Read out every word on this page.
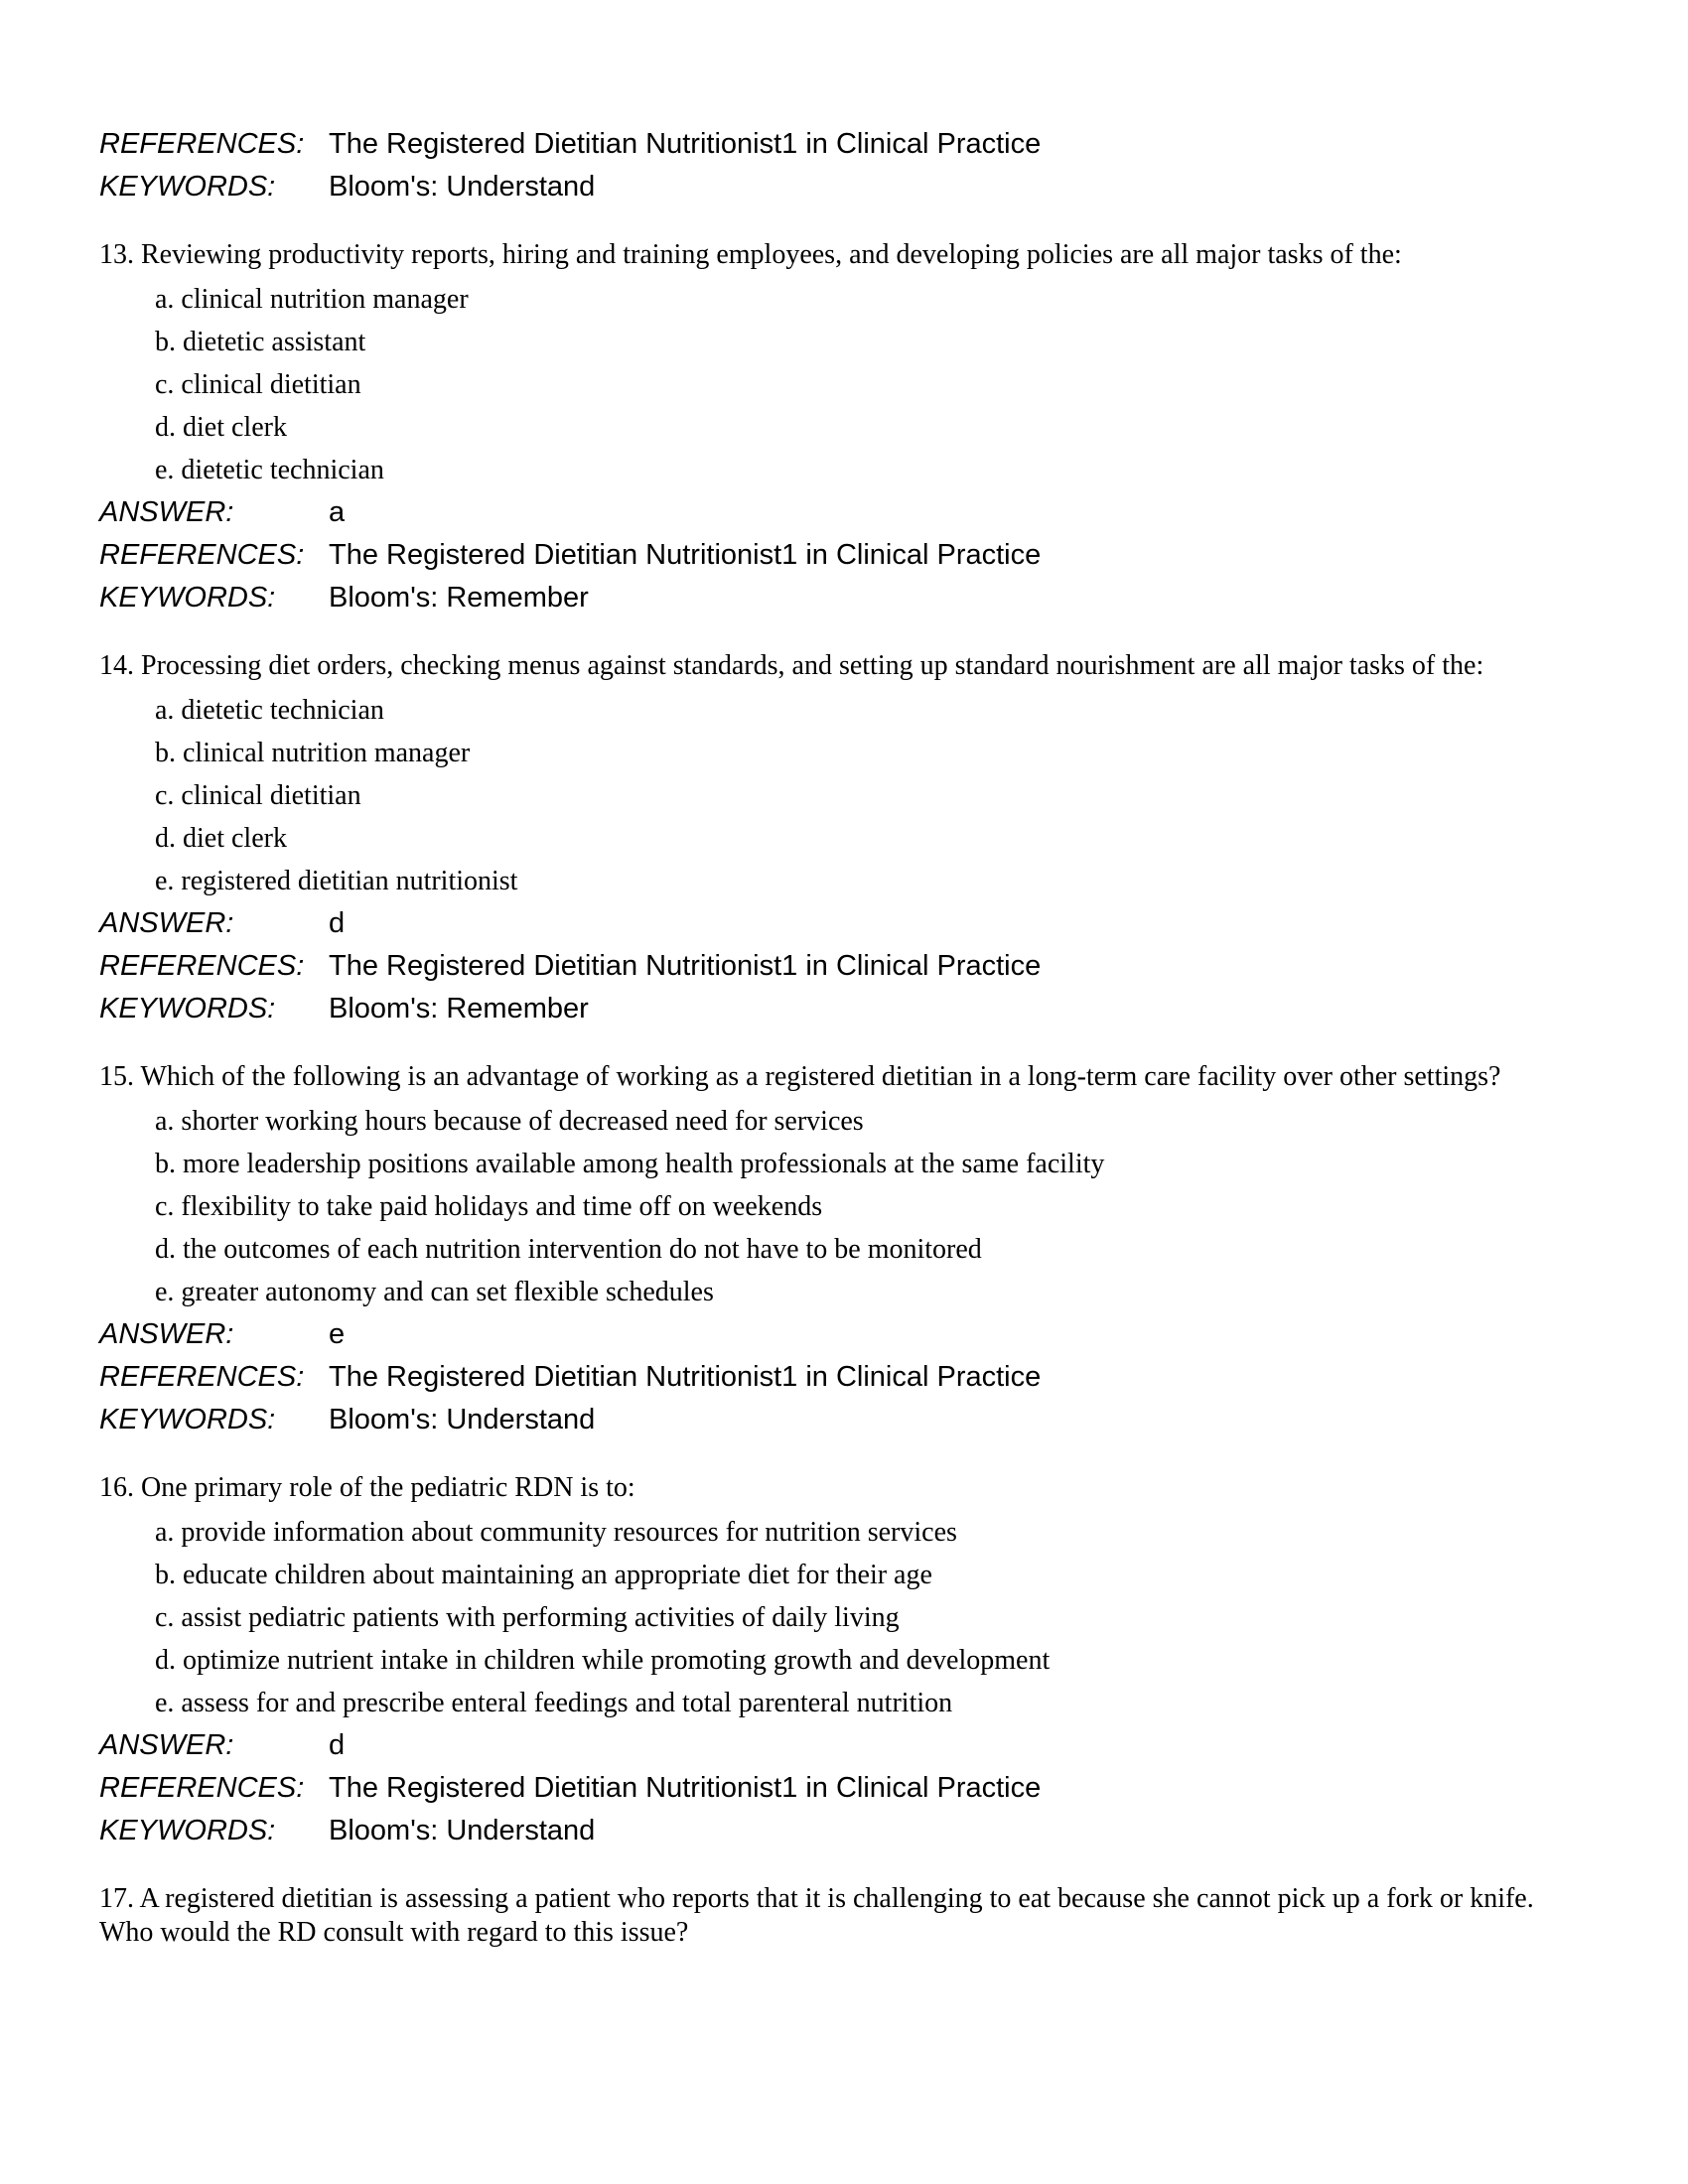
REFERENCES: The Registered Dietitian Nutritionist1 in Clinical Practice
KEYWORDS: Bloom's: Understand
13. Reviewing productivity reports, hiring and training employees, and developing policies are all major tasks of the:
a. clinical nutrition manager
b. dietetic assistant
c. clinical dietitian
d. diet clerk
e. dietetic technician
ANSWER:	a
REFERENCES: The Registered Dietitian Nutritionist1 in Clinical Practice
KEYWORDS: Bloom's: Remember
14. Processing diet orders, checking menus against standards, and setting up standard nourishment are all major tasks of the:
a. dietetic technician
b. clinical nutrition manager
c. clinical dietitian
d. diet clerk
e. registered dietitian nutritionist
ANSWER:	d
REFERENCES: The Registered Dietitian Nutritionist1 in Clinical Practice
KEYWORDS: Bloom's: Remember
15. Which of the following is an advantage of working as a registered dietitian in a long-term care facility over other settings?
a. shorter working hours because of decreased need for services
b. more leadership positions available among health professionals at the same facility
c. flexibility to take paid holidays and time off on weekends
d. the outcomes of each nutrition intervention do not have to be monitored
e. greater autonomy and can set flexible schedules
ANSWER:	e
REFERENCES: The Registered Dietitian Nutritionist1 in Clinical Practice
KEYWORDS: Bloom's: Understand
16. One primary role of the pediatric RDN is to:
a. provide information about community resources for nutrition services
b. educate children about maintaining an appropriate diet for their age
c. assist pediatric patients with performing activities of daily living
d. optimize nutrient intake in children while promoting growth and development
e. assess for and prescribe enteral feedings and total parenteral nutrition
ANSWER:	d
REFERENCES: The Registered Dietitian Nutritionist1 in Clinical Practice
KEYWORDS: Bloom's: Understand
17. A registered dietitian is assessing a patient who reports that it is challenging to eat because she cannot pick up a fork or knife. Who would the RD consult with regard to this issue?
